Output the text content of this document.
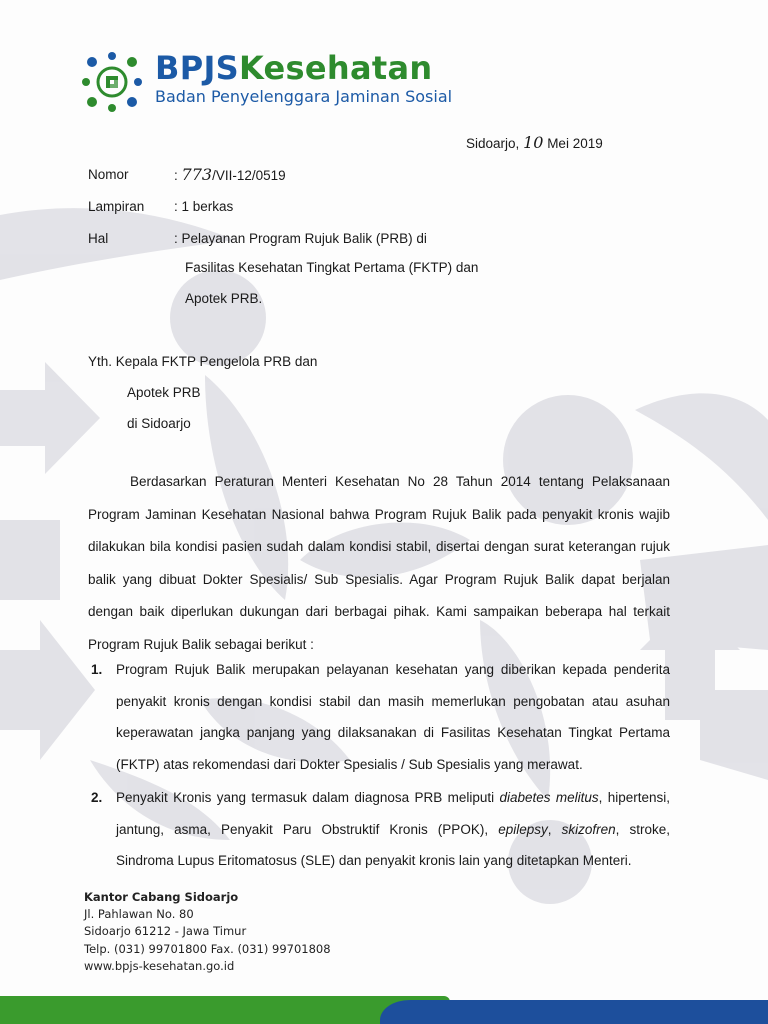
BPJSKesehatan
Badan Penyelenggara Jaminan Sosial
Sidoarjo, 10 Mei 2019
Nomor	: 773/VII-12/0519
Lampiran : 1 berkas
Hal	: Pelayanan Program Rujuk Balik (PRB) di
Fasilitas Kesehatan Tingkat Pertama (FKTP) dan
Apotek PRB.
Yth. Kepala FKTP Pengelola PRB dan
Apotek PRB
di Sidoarjo

Berdasarkan Peraturan Menteri Kesehatan No 28 Tahun 2014 tentang Pelaksanaan Program Jaminan Kesehatan Nasional bahwa Program Rujuk Balik pada penyakit kronis wajib dilakukan bila kondisi pasien sudah dalam kondisi stabil, disertai dengan surat keterangan rujuk balik yang dibuat Dokter Spesialis/ Sub Spesialis. Agar Program Rujuk Balik dapat berjalan dengan baik diperlukan dukungan dari berbagai pihak. Kami sampaikan beberapa hal terkait Program Rujuk Balik sebagai berikut :

1. Program Rujuk Balik merupakan pelayanan kesehatan yang diberikan kepada penderita penyakit kronis dengan kondisi stabil dan masih memerlukan pengobatan atau asuhan keperawatan jangka panjang yang dilaksanakan di Fasilitas Kesehatan Tingkat Pertama (FKTP) atas rekomendasi dari Dokter Spesialis / Sub Spesialis yang merawat.
2. Penyakit Kronis yang termasuk dalam diagnosa PRB meliputi diabetes melitus, hipertensi, jantung, asma, Penyakit Paru Obstruktif Kronis (PPOK), epilepsy, skizofren, stroke, Sindroma Lupus Eritomatosus (SLE) dan penyakit kronis lain yang ditetapkan Menteri.
Kantor Cabang Sidoarjo
Jl. Pahlawan No. 80
Sidoarjo 61212 - Jawa Timur
Telp. (031) 99701800 Fax. (031) 99701808
www.bpjs-kesehatan.go.id
